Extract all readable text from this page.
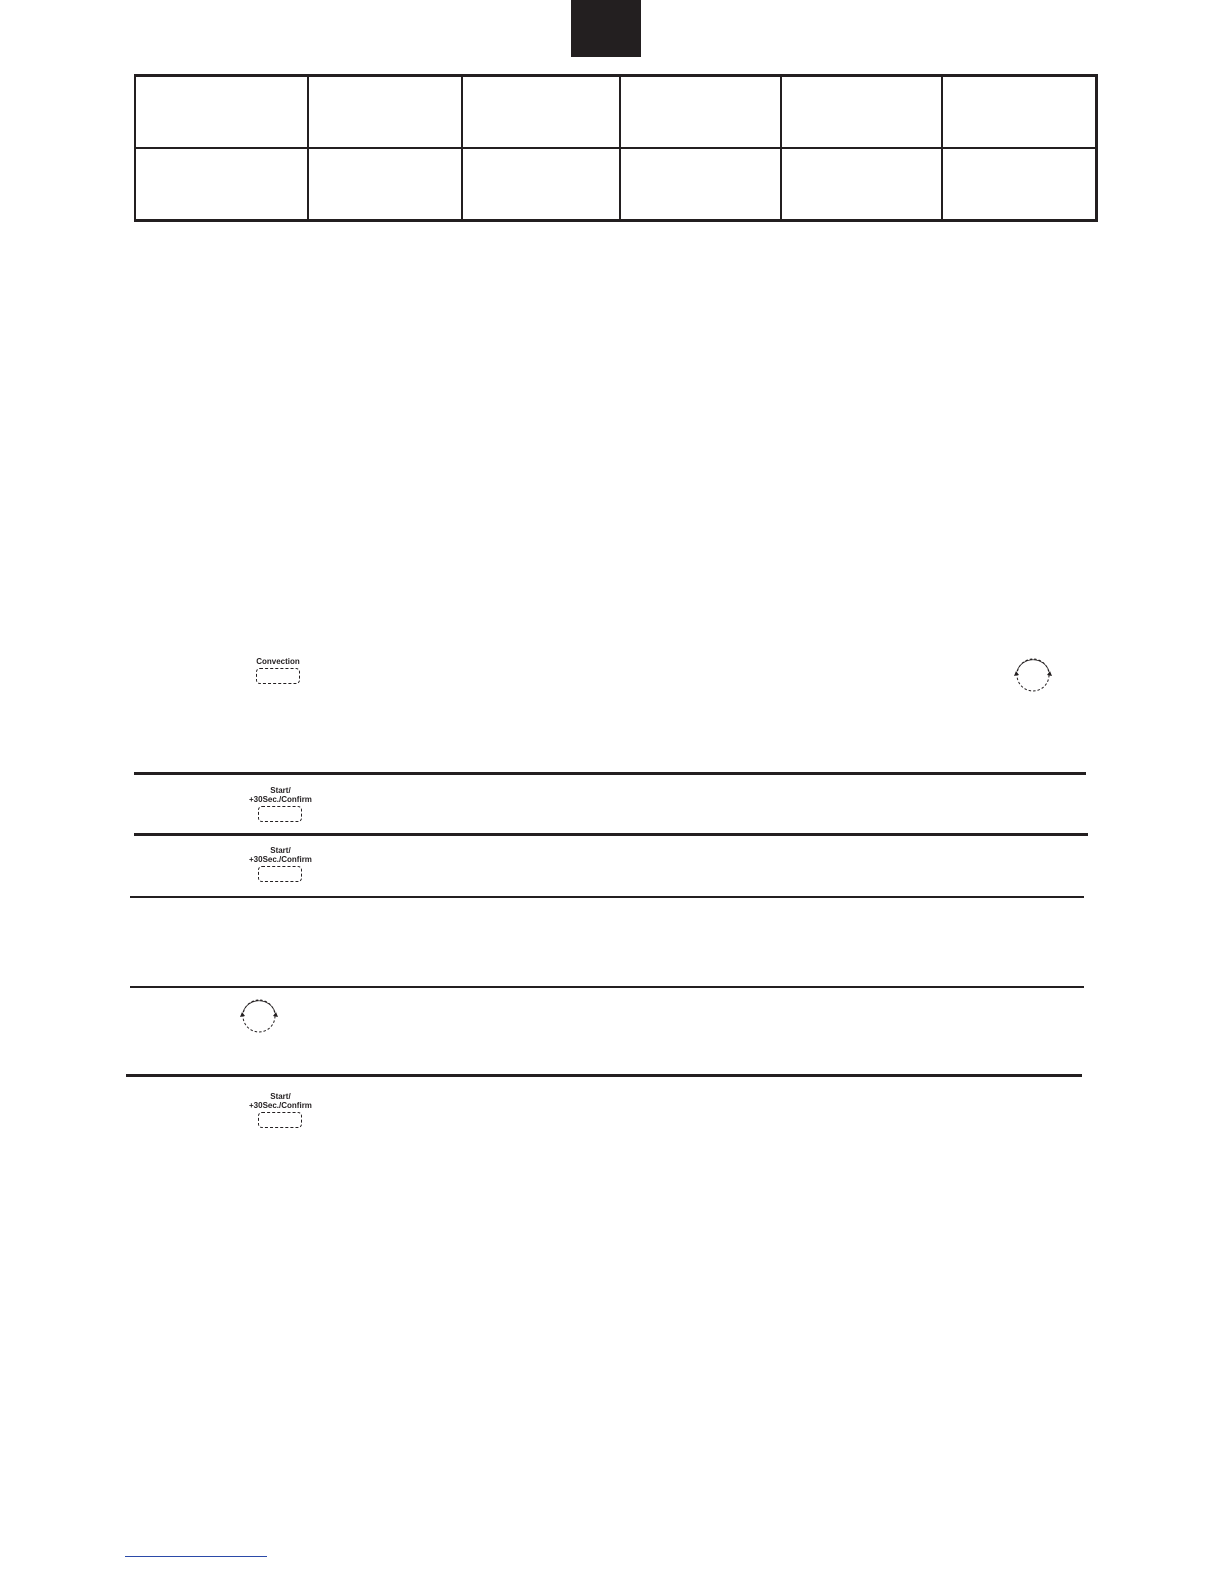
Convection
Start/
+30Sec./Confirm
Start/
+30Sec./Confirm
Start/
+30Sec./Confirm
